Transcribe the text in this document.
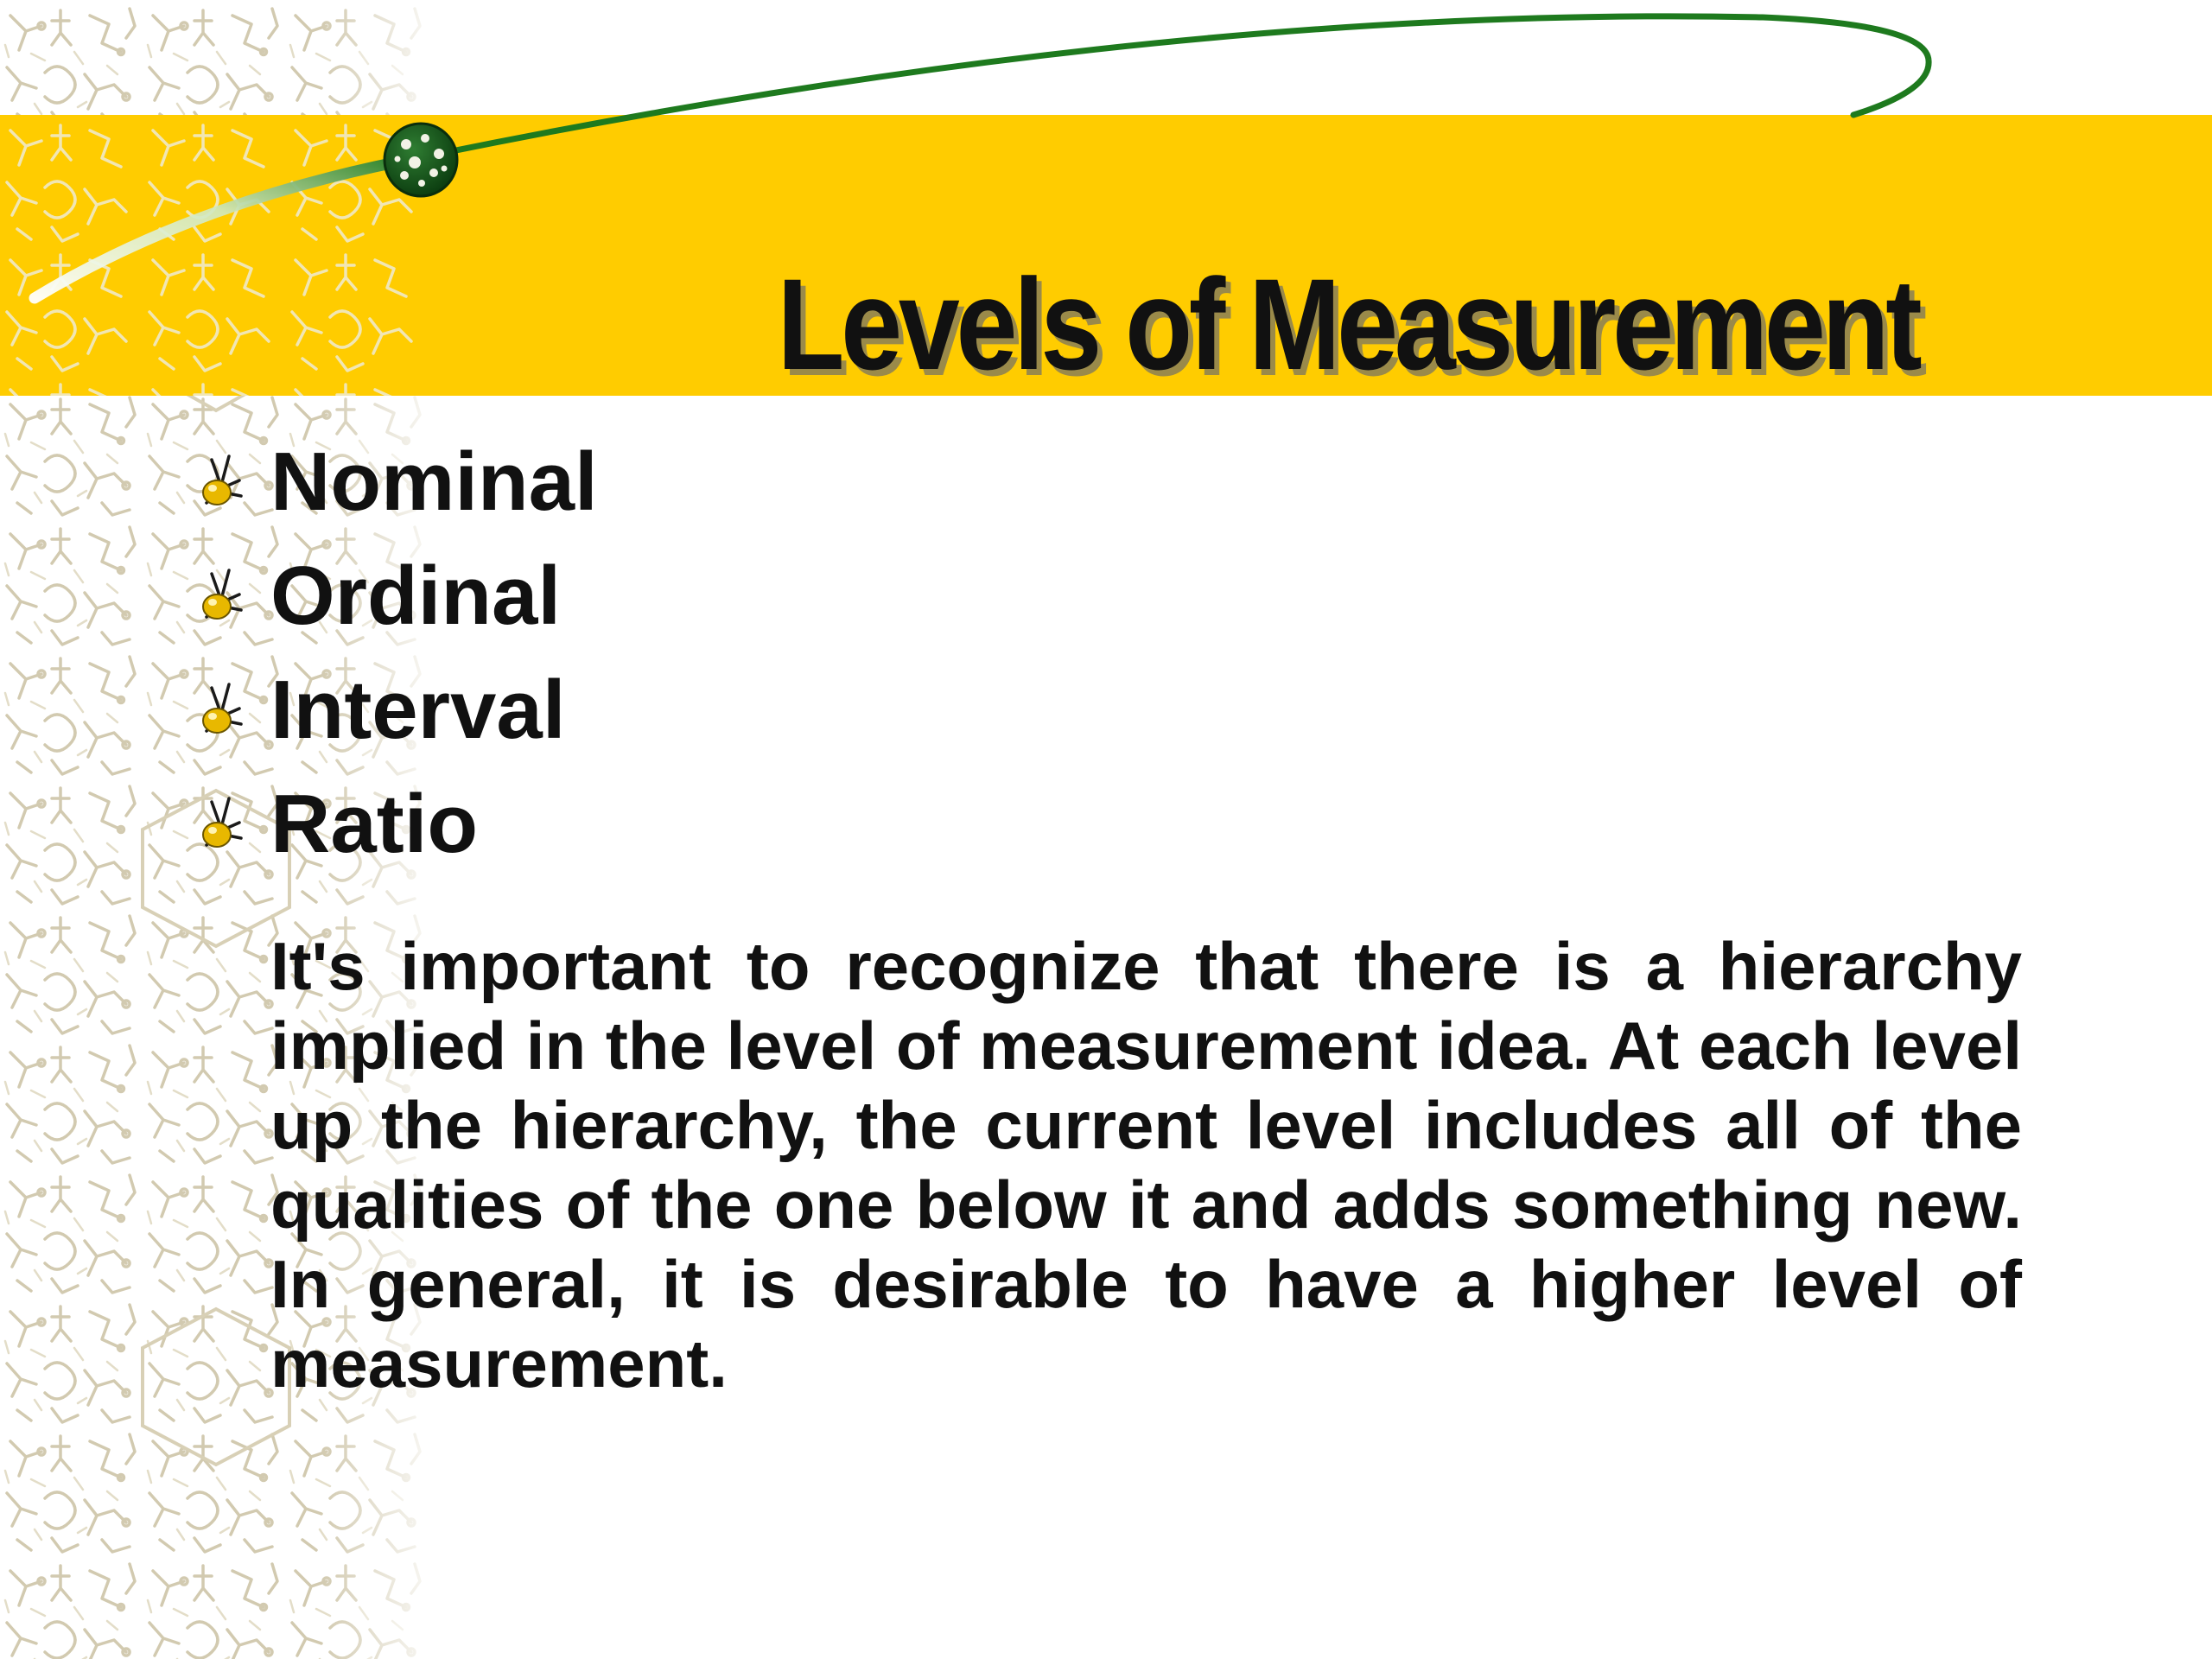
Levels of Measurement
Nominal
Ordinal
Interval
Ratio

It's important to recognize that there is a hierarchy implied in the level of measurement idea. At each level up the hierarchy, the current level includes all of the qualities of the one below it and adds something new. In general, it is desirable to have a higher level of measurement.
